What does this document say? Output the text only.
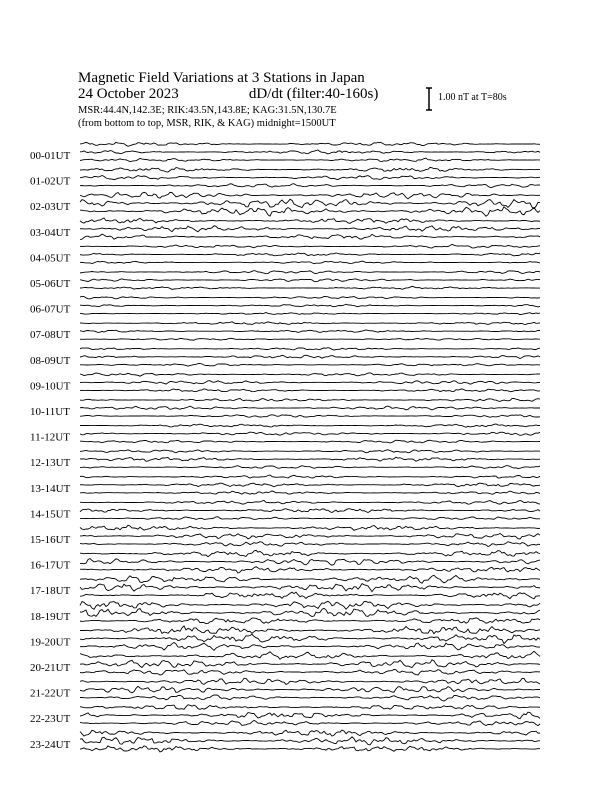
Magnetic Field Variations at 3 Stations in Japan
24 October 2023	dD/dt (filter:40-160s)
MSR:44.4N,142.3E; RIK:43.5N,143.8E; KAG:31.5N,130.7E
(from bottom to top, MSR, RIK, & KAG) midnight=1500UT
1.00 nT at T=80s
00-01UT
01-02UT
02-03UT
03-04UT
04-05UT
05-06UT
06-07UT
07-08UT
08-09UT
09-10UT
10-11UT
11-12UT
12-13UT
13-14UT
14-15UT
15-16UT
16-17UT
17-18UT
18-19UT
19-20UT
20-21UT
21-22UT
22-23UT
23-24UT
